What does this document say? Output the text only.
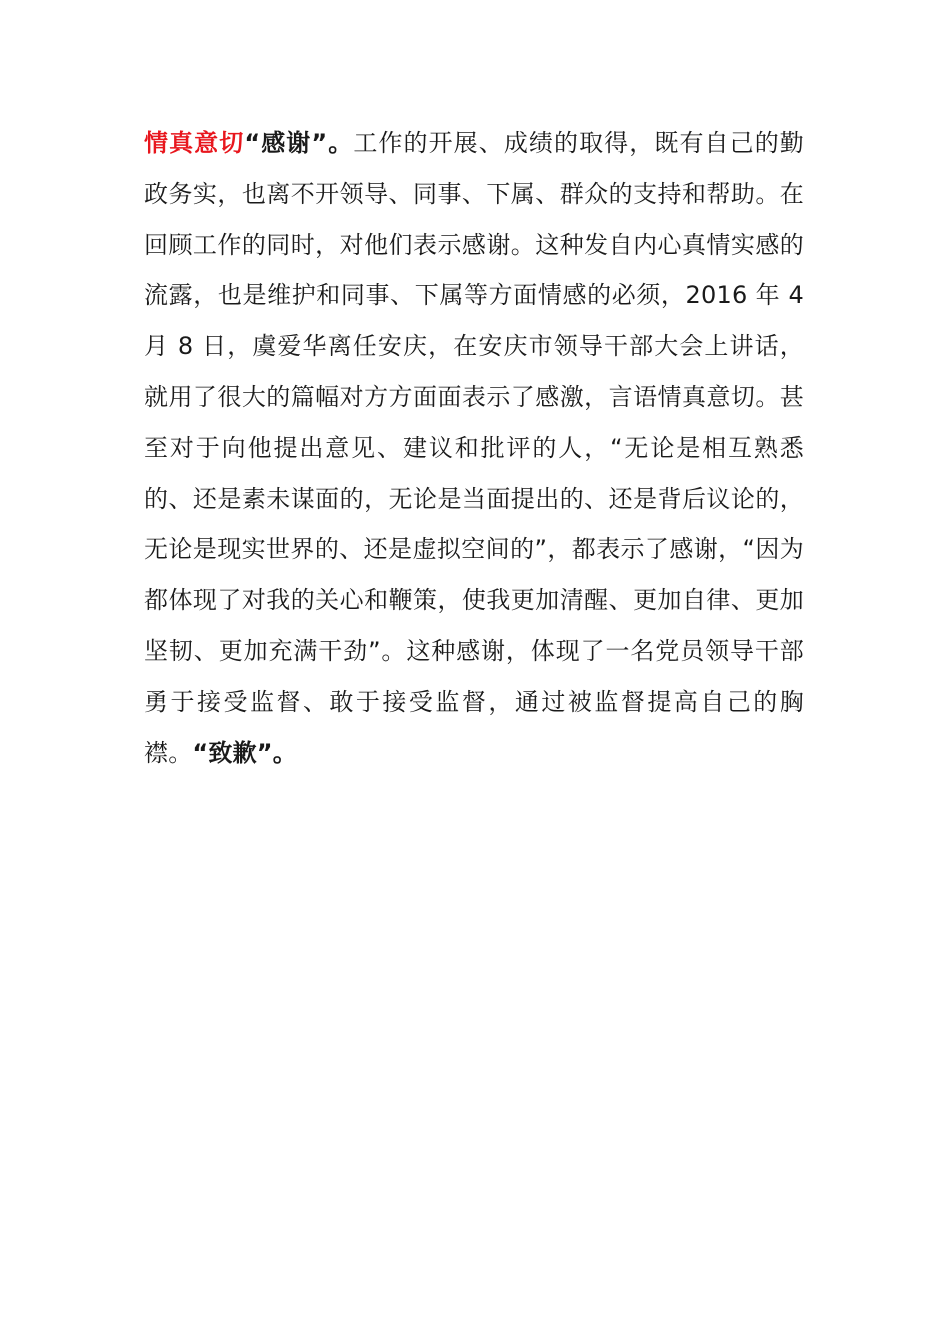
情真意切“感谢”。工作的开展、成绩的取得，既有自己的勤政务实，也离不开领导、同事、下属、群众的支持和帮助。在回顾工作的同时，对他们表示感谢。这种发自内心真情实感的流露，也是维护和同事、下属等方面情感的必须，2016 年 4 月 8 日，虞爱华离任安庆，在安庆市领导干部大会上讲话，就用了很大的篇幅对方方面面表示了感激，言语情真意切。甚至对于向他提出意见、建议和批评的人，“无论是相互熟悉的、还是素未谋面的，无论是当面提出的、还是背后议论的，无论是现实世界的、还是虚拟空间的”，都表示了感谢，“因为都体现了对我的关心和鞭策，使我更加清醒、更加自律、更加坚韧、更加充满干劲”。这种感谢，体现了一名党员领导干部勇于接受监督、敢于接受监督，通过被监督提高自己的胸襟。“致歉”。
